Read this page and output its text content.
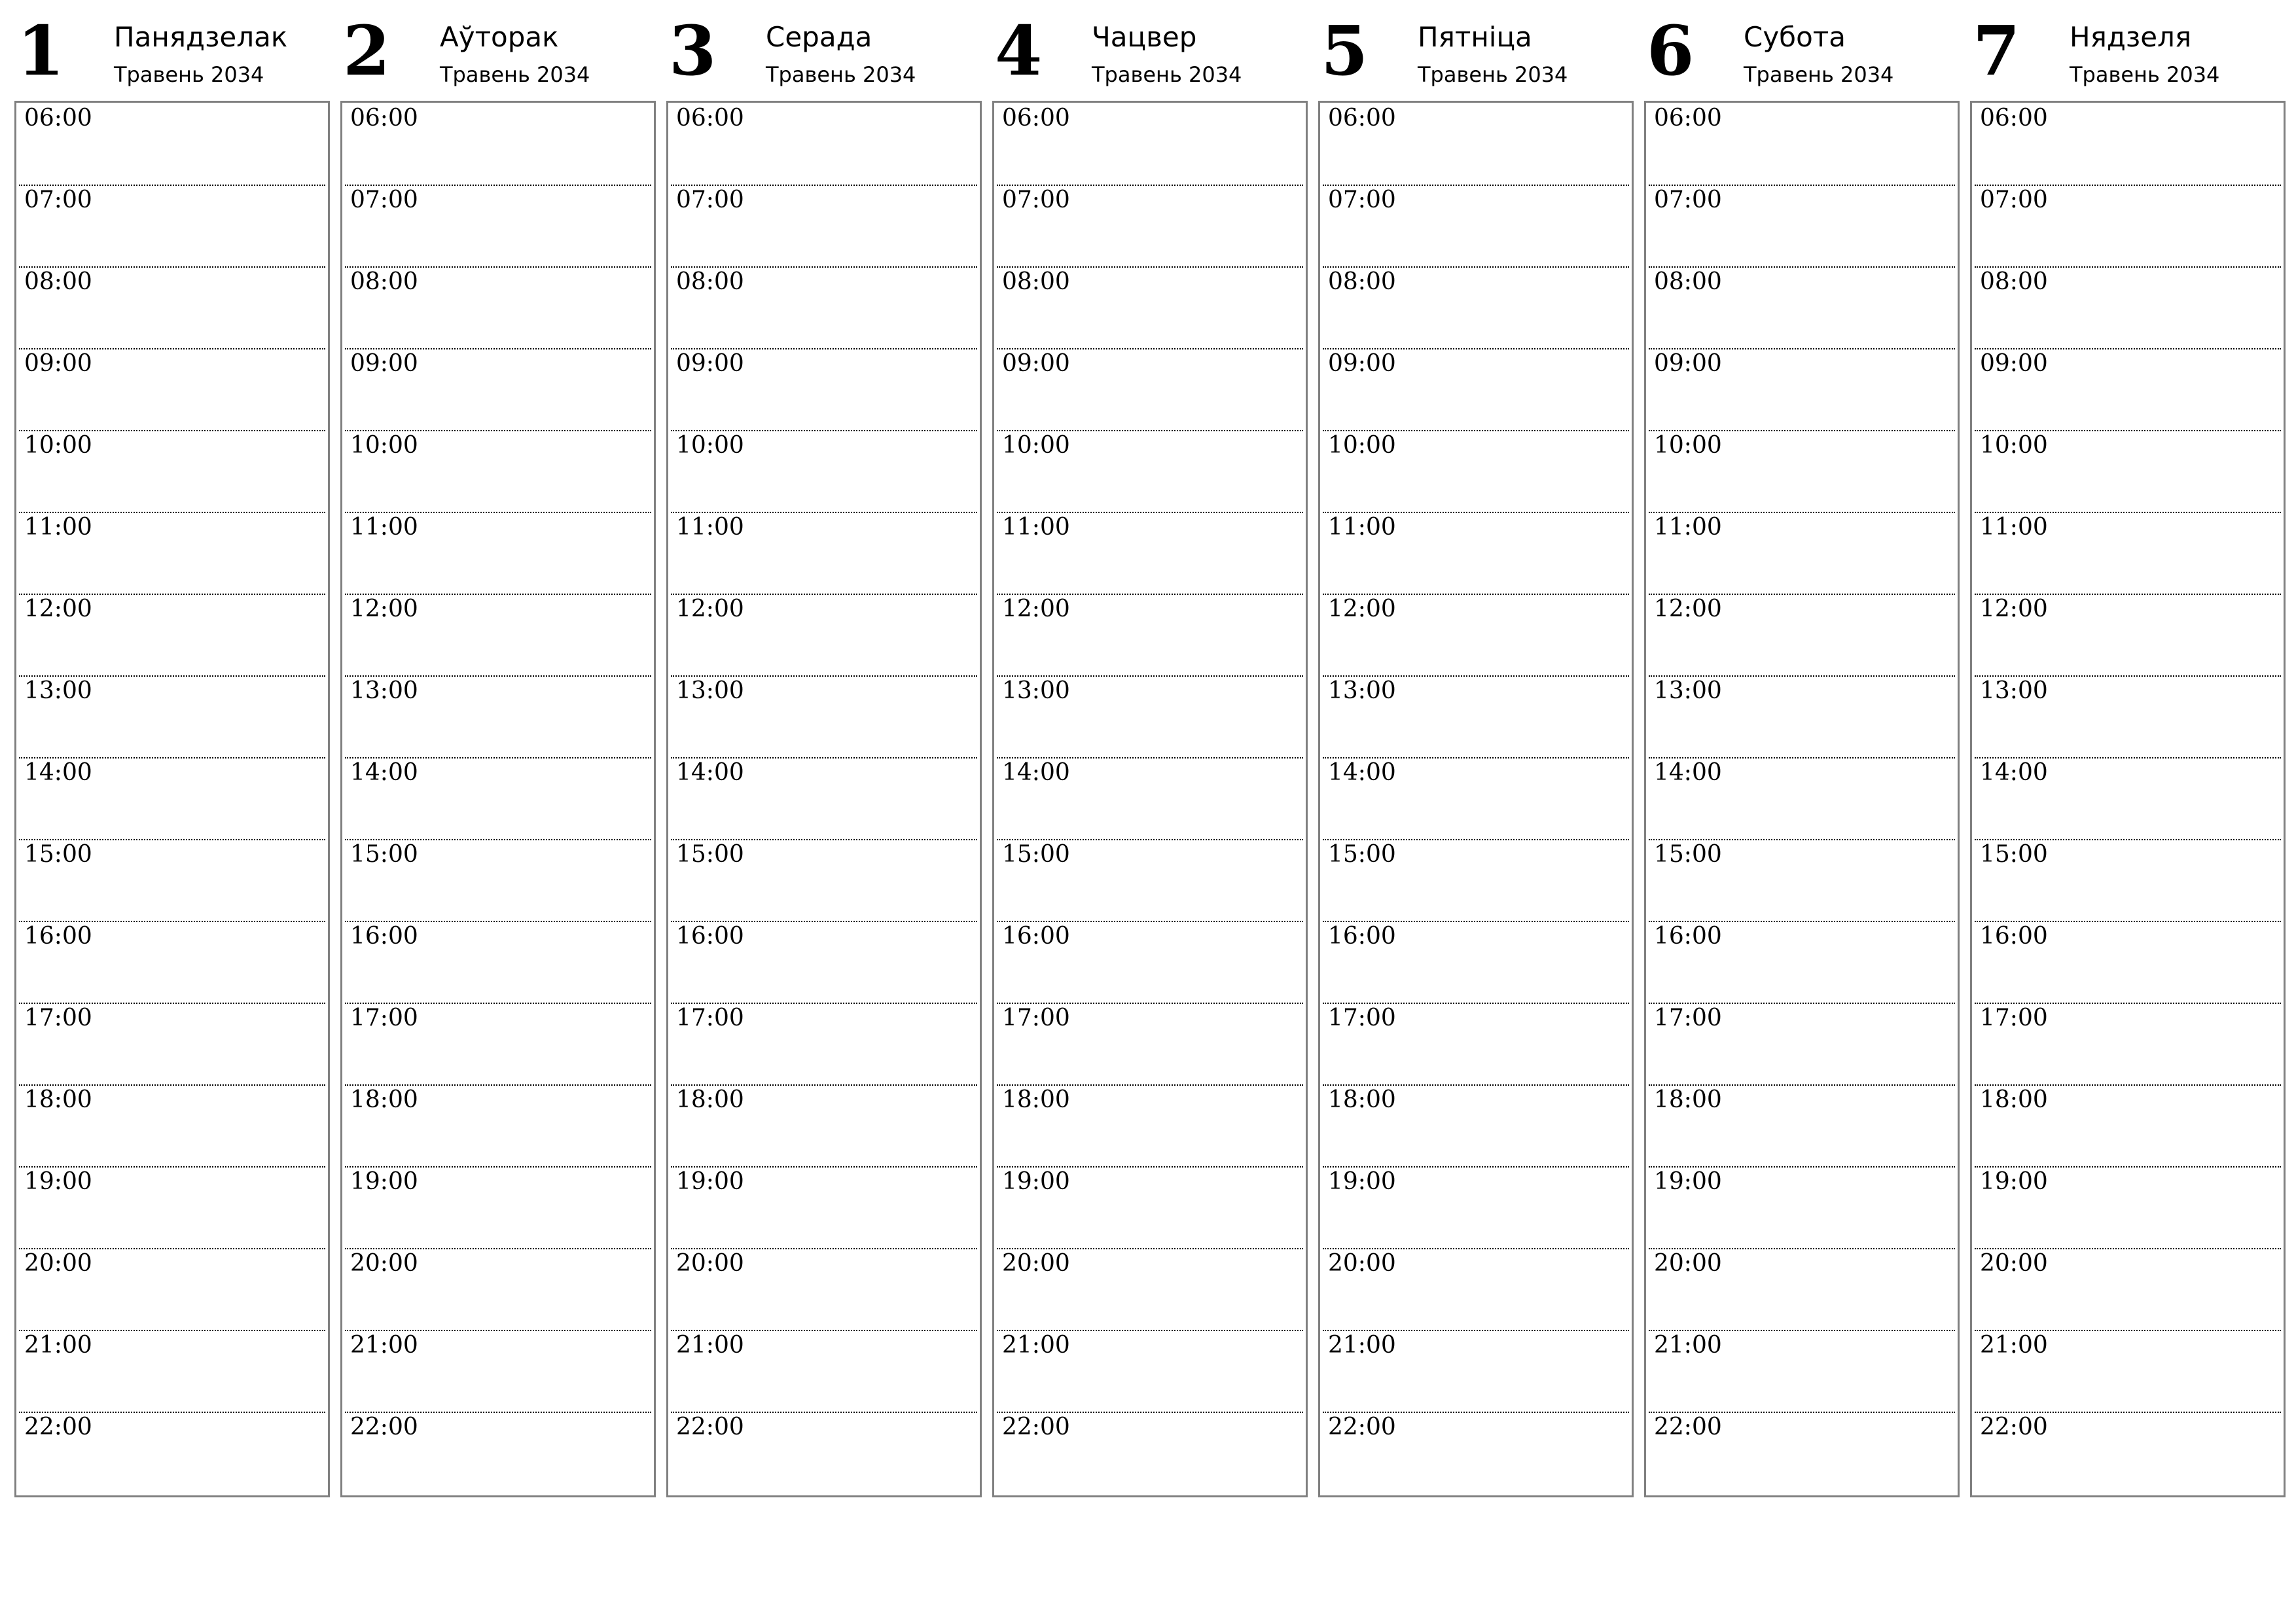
1 Панядзелак
Травень 2034
06:00
07:00
08:00
09:00
10:00
11:00
12:00
13:00
14:00
15:00
16:00
17:00
18:00
19:00
20:00
21:00
22:00
2 Аўторак
Травень 2034
06:00
07:00
08:00
09:00
10:00
11:00
12:00
13:00
14:00
15:00
16:00
17:00
18:00
19:00
20:00
21:00
22:00
3 Серада
Травень 2034
06:00
07:00
08:00
09:00
10:00
11:00
12:00
13:00
14:00
15:00
16:00
17:00
18:00
19:00
20:00
21:00
22:00
4 Чацвер
Травень 2034
06:00
07:00
08:00
09:00
10:00
11:00
12:00
13:00
14:00
15:00
16:00
17:00
18:00
19:00
20:00
21:00
22:00
5 Пятніца
Травень 2034
06:00
07:00
08:00
09:00
10:00
11:00
12:00
13:00
14:00
15:00
16:00
17:00
18:00
19:00
20:00
21:00
22:00
6 Субота
Травень 2034
06:00
07:00
08:00
09:00
10:00
11:00
12:00
13:00
14:00
15:00
16:00
17:00
18:00
19:00
20:00
21:00
22:00
7 Нядзеля
Травень 2034
06:00
07:00
08:00
09:00
10:00
11:00
12:00
13:00
14:00
15:00
16:00
17:00
18:00
19:00
20:00
21:00
22:00
